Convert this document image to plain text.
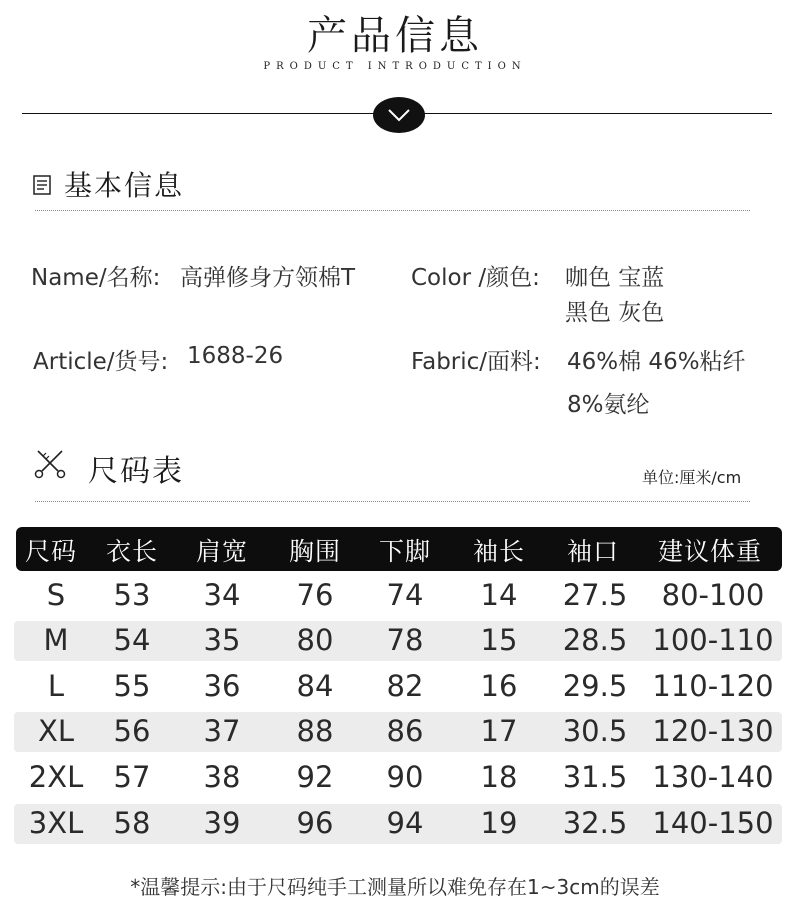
产品信息
PRODUCT INTRODUCTION
基本信息
Name/名称: 高弹修身方领棉T
Article/货号: 1688-26
Color /颜色: 咖色 宝蓝
黑色 灰色
Fabric/面料: 46%棉 46%粘纤
8%氨纶
尺码表	单位:厘米/cm
尺码	衣长	肩宽	胸围	下脚	袖长	袖口	建议体重
S	53	34	76	74	14	27.5	80-100
M	54	35	80	78	15	28.5 100-110
L	55	36	84	82	16	29.5 110-120
XL	56	37	88	86	17	30.5 120-130
2XL	57	38	92	90	18	31.5 130-140
3XL	58	39	96	94	19	32.5 140-150
*温馨提示:由于尺码纯手工测量所以难免存在1~3cm的误差
